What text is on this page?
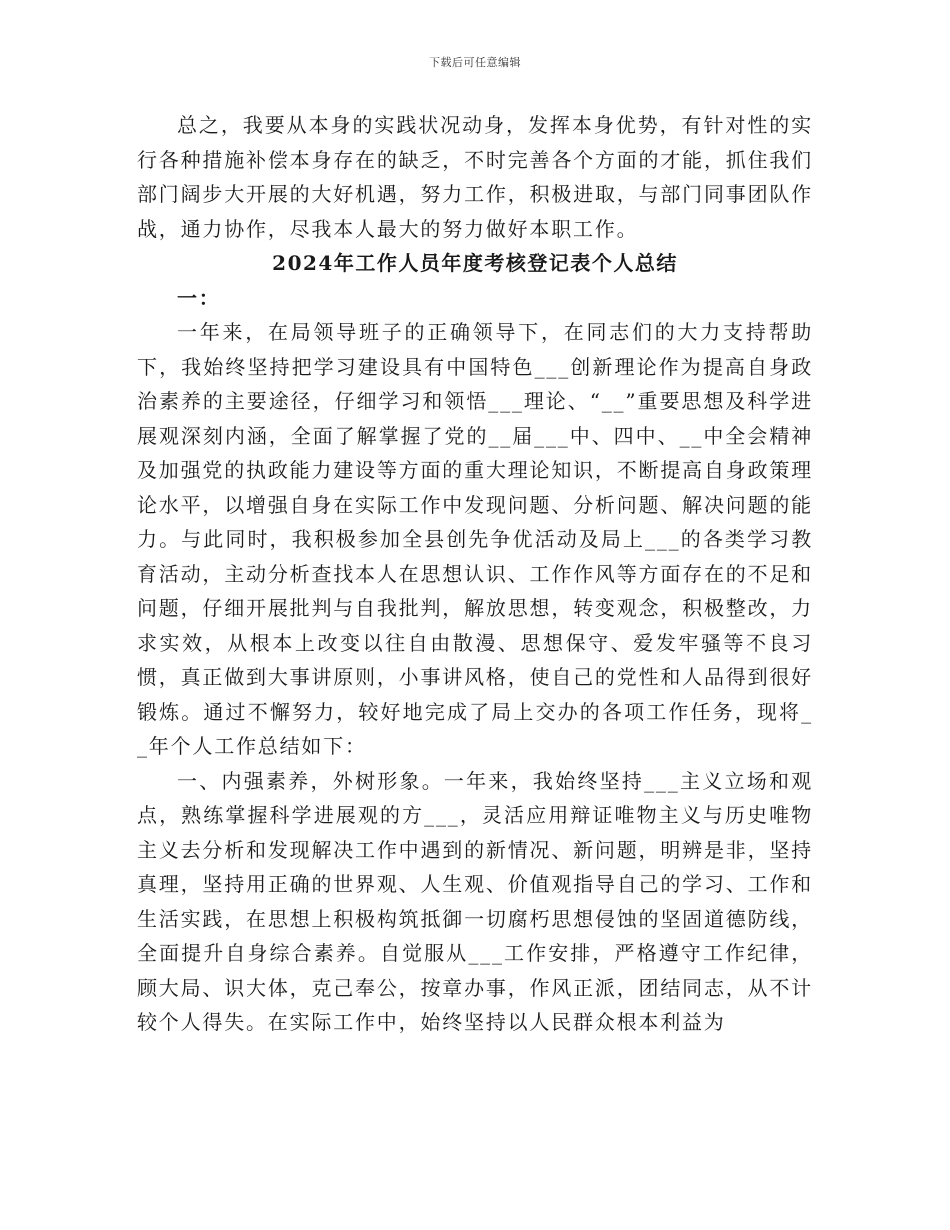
下载后可任意编辑

总之，我要从本身的实践状况动身，发挥本身优势，有针对性的实行各种措施补偿本身存在的缺乏，不时完善各个方面的才能，抓住我们部门阔步大开展的大好机遇，努力工作，积极进取，与部门同事团队作战，通力协作，尽我本人最大的努力做好本职工作。

2024年工作人员年度考核登记表个人总结

一：

一年来，在局领导班子的正确领导下，在同志们的大力支持帮助下，我始终坚持把学习建设具有中国特色___创新理论作为提高自身政治素养的主要途径，仔细学习和领悟___理论、“__”重要思想及科学进展观深刻内涵，全面了解掌握了党的__届___中、四中、__中全会精神及加强党的执政能力建设等方面的重大理论知识，不断提高自身政策理论水平，以增强自身在实际工作中发现问题、分析问题、解决问题的能力。与此同时，我积极参加全县创先争优活动及局上___的各类学习教育活动，主动分析查找本人在思想认识、工作作风等方面存在的不足和问题，仔细开展批判与自我批判，解放思想，转变观念，积极整改，力求实效，从根本上改变以往自由散漫、思想保守、爱发牢骚等不良习惯，真正做到大事讲原则，小事讲风格，使自己的党性和人品得到很好锻炼。通过不懈努力，较好地完成了局上交办的各项工作任务，现将__年个人工作总结如下：

一、内强素养，外树形象。一年来，我始终坚持___主义立场和观点，熟练掌握科学进展观的方___，灵活应用辩证唯物主义与历史唯物主义去分析和发现解决工作中遇到的新情况、新问题，明辨是非，坚持真理，坚持用正确的世界观、人生观、价值观指导自己的学习、工作和生活实践，在思想上积极构筑抵御一切腐朽思想侵蚀的坚固道德防线，全面提升自身综合素养。自觉服从___工作安排，严格遵守工作纪律，顾大局、识大体，克己奉公，按章办事，作风正派，团结同志，从不计较个人得失。在实际工作中，始终坚持以人民群众根本利益为
